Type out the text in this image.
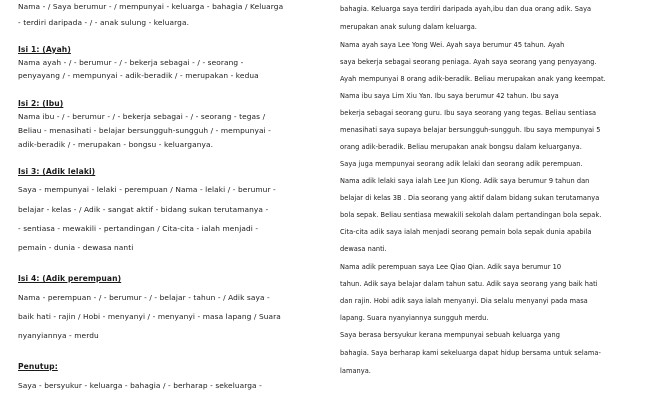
Nama - / Saya berumur - / mempunyai - keluarga - bahagia / Keluarga
- terdiri daripada - / - anak sulung - keluarga.
Isi 1: (Ayah)
Nama ayah - / - berumur - / - bekerja sebagai - / - seorang -
penyayang / - mempunyai - adik-beradik / - merupakan - kedua
Isi 2: (Ibu)
Nama ibu - / - berumur - / - bekerja sebagai - / - seorang - tegas /
Beliau - menasihati - belajar bersungguh-sungguh / - mempunyai -
adik-beradik / - merupakan - bongsu - keluarganya.
Isi 3: (Adik lelaki)
Saya - mempunyai - lelaki - perempuan / Nama - lelaki / - berumur -
belajar - kelas - / Adik - sangat aktif - bidang sukan terutamanya -
- sentiasa - mewakili - pertandingan / Cita-cita - ialah menjadi -
pemain - dunia - dewasa nanti
Isi 4: (Adik perempuan)
Nama - perempuan - / - berumur - / - belajar - tahun - / Adik saya -
baik hati - rajin / Hobi - menyanyi / - menyanyi - masa lapang / Suara
nyanyiannya - merdu
Penutup:
Saya - bersyukur - keluarga - bahagia / - berharap - sekeluarga -
bahagia. Keluarga saya terdiri daripada ayah,ibu dan dua orang adik. Saya
merupakan anak sulung dalam keluarga.
Nama ayah saya Lee Yong Wei. Ayah saya berumur 45 tahun. Ayah
saya bekerja sebagai seorang peniaga. Ayah saya seorang yang penyayang.
Ayah mempunyai 8 orang adik-beradik. Beliau merupakan anak yang keempat.
Nama ibu saya Lim Xiu Yan. Ibu saya berumur 42 tahun. Ibu saya
bekerja sebagai seorang guru. Ibu saya seorang yang tegas. Beliau sentiasa
menasihati saya supaya belajar bersungguh-sungguh. Ibu saya mempunyai 5
orang adik-beradik. Beliau merupakan anak bongsu dalam keluarganya.
Saya juga mempunyai seorang adik lelaki dan seorang adik perempuan.
Nama adik lelaki saya ialah Lee Jun Kiong. Adik saya berumur 9 tahun dan
belajar di kelas 3B . Dia seorang yang aktif dalam bidang sukan terutamanya
bola sepak. Beliau sentiasa mewakili sekolah dalam pertandingan bola sepak.
Cita-cita adik saya ialah menjadi seorang pemain bola sepak dunia apabila
dewasa nanti.
Nama adik perempuan saya Lee Qiao Qian. Adik saya berumur 10
tahun. Adik saya belajar dalam tahun satu. Adik saya seorang yang baik hati
dan rajin. Hobi adik saya ialah menyanyi. Dia selalu menyanyi pada masa
lapang. Suara nyanyiannya sungguh merdu.
Saya berasa bersyukur kerana mempunyai sebuah keluarga yang
bahagia. Saya berharap kami sekeluarga dapat hidup bersama untuk selama-
lamanya.
